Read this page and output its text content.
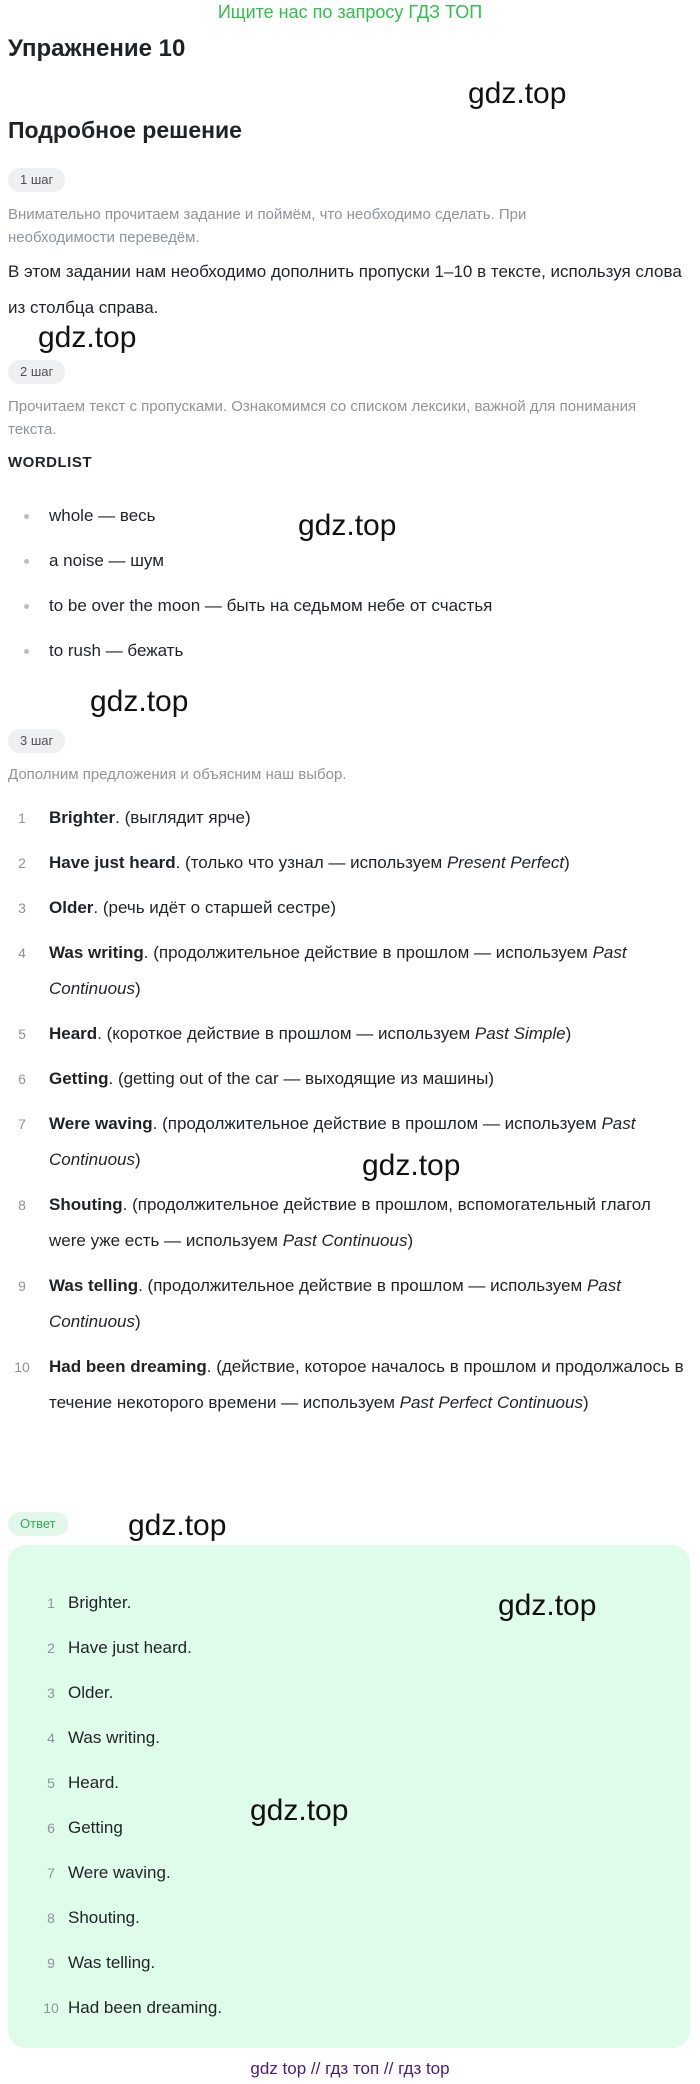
Ищите нас по запросу ГДЗ ТОП
Упражнение 10
gdz.top
Подробное решение
1 шаг
Внимательно прочитаем задание и поймём, что необходимо сделать. При необходимости переведём.
В этом задании нам необходимо дополнить пропуски 1–10 в тексте, используя слова из столбца справа.
gdz.top
2 шаг
Прочитаем текст с пропусками. Ознакомимся со списком лексики, важной для понимания текста.
WORDLIST
whole — весь
a noise — шум
to be over the moon — быть на седьмом небе от счастья
to rush — бежать
gdz.top
gdz.top
3 шаг
Дополним предложения и объясним наш выбор.
1	Brighter. (выглядит ярче)
2	Have just heard. (только что узнал — используем Present Perfect)
3	Older. (речь идёт о старшей сестре)
4	Was writing. (продолжительное действие в прошлом — используем Past Continuous)
5	Heard. (короткое действие в прошлом — используем Past Simple)
6	Getting. (getting out of the car — выходящие из машины)
7	Were waving. (продолжительное действие в прошлом — используем Past Continuous)
8	Shouting. (продолжительное действие в прошлом, вспомогательный глагол were уже есть — используем Past Continuous)
9	Was telling. (продолжительное действие в прошлом — используем Past Continuous)
10	Had been dreaming. (действие, которое началось в прошлом и продолжалось в течение некоторого времени — используем Past Perfect Continuous)
gdz.top
Ответ	gdz.top
1 Brighter.
2 Have just heard.
3 Older.
4 Was writing.
5 Heard.
6 Getting
7 Were waving.
8 Shouting.
9 Was telling.
10 Had been dreaming.
gdz.top
gdz.top
gdz top // гдз топ // гдз top
